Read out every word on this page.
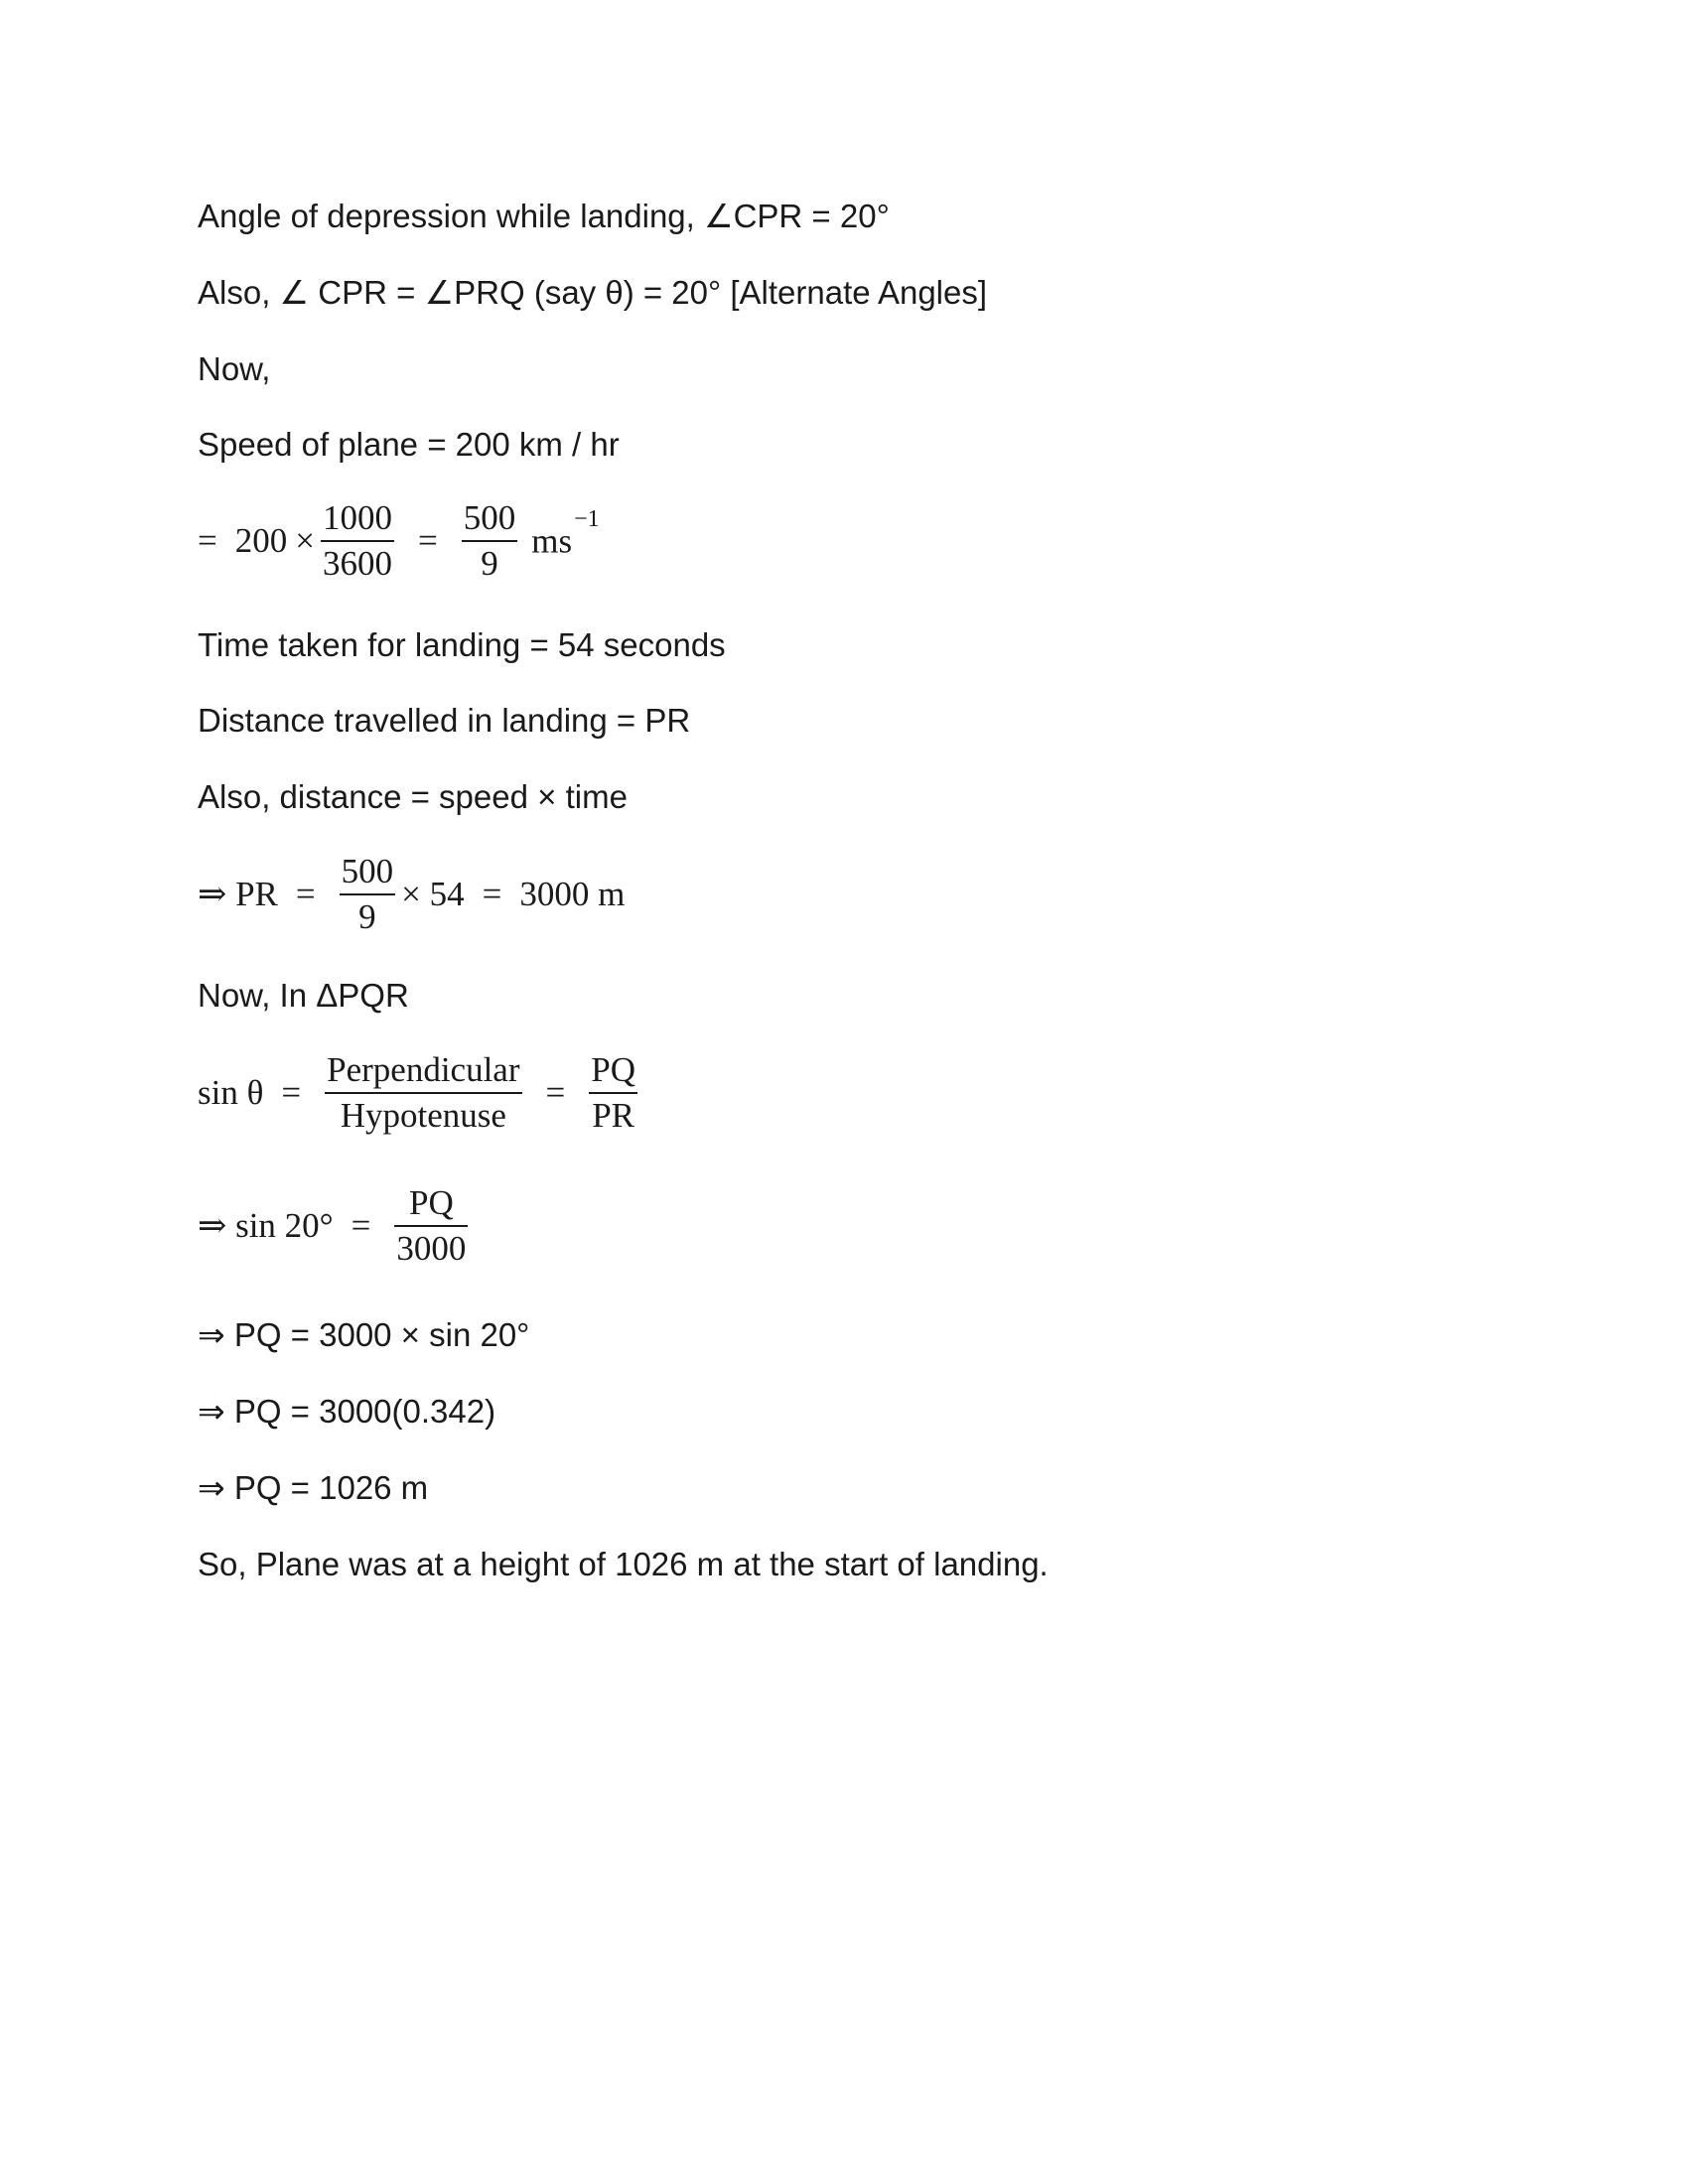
Angle of depression while landing, ∠CPR = 20°
Also, ∠ CPR = ∠PRQ (say θ) = 20° [Alternate Angles]
Now,
Speed of plane = 200 km / hr
= $200 \times \frac{1000}{3600} = \frac{500}{9} ms^{-1}$
Time taken for landing = 54 seconds
Distance travelled in landing = PR
Also, distance = speed × time
⇒ PR = $\frac{500}{9} \times 54 = 3000$ m
Now, In ΔPQR
$\sin \theta = \frac{\text{Perpendicular}}{\text{Hypotenuse}} = \frac{PQ}{PR}$
⇒ $\sin 20^\circ = \frac{PQ}{3000}$
⇒ PQ = 3000 × sin 20°
⇒ PQ = 3000(0.342)
⇒ PQ = 1026 m
So, Plane was at a height of 1026 m at the start of landing.
